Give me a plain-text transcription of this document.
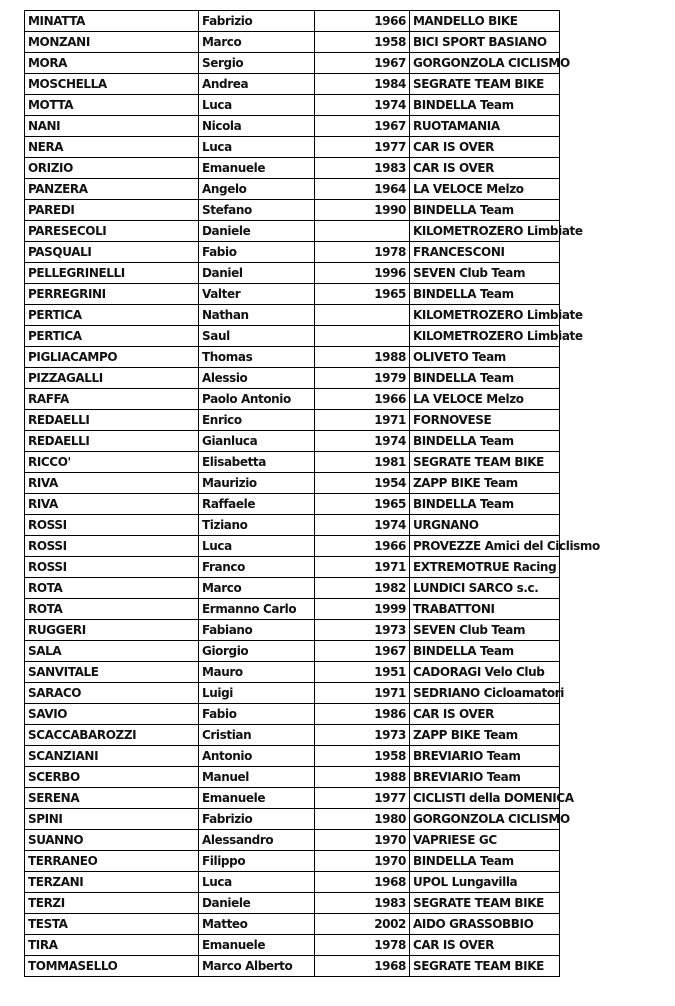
MINATTA	Fabrizio	1966	MANDELLO BIKE
MONZANI	Marco	1958	BICI SPORT BASIANO
MORA	Sergio	1967	GORGONZOLA CICLISMO
MOSCHELLA	Andrea	1984	SEGRATE TEAM BIKE
MOTTA	Luca	1974	BINDELLA Team
NANI	Nicola	1967	RUOTAMANIA
NERA	Luca	1977	CAR IS OVER
ORIZIO	Emanuele	1983	CAR IS OVER
PANZERA	Angelo	1964	LA VELOCE Melzo
PAREDI	Stefano	1990	BINDELLA Team
PARESECOLI	Daniele		KILOMETROZERO Limbiate
PASQUALI	Fabio	1978	FRANCESCONI
PELLEGRINELLI	Daniel	1996	SEVEN Club Team
PERREGRINI	Valter	1965	BINDELLA Team
PERTICA	Nathan		KILOMETROZERO Limbiate
PERTICA	Saul		KILOMETROZERO Limbiate
PIGLIACAMPO	Thomas	1988	OLIVETO Team
PIZZAGALLI	Alessio	1979	BINDELLA Team
RAFFA	Paolo Antonio	1966	LA VELOCE Melzo
REDAELLI	Enrico	1971	FORNOVESE
REDAELLI	Gianluca	1974	BINDELLA Team
RICCO'	Elisabetta	1981	SEGRATE TEAM BIKE
RIVA	Maurizio	1954	ZAPP BIKE Team
RIVA	Raffaele	1965	BINDELLA Team
ROSSI	Tiziano	1974	URGNANO
ROSSI	Luca	1966	PROVEZZE Amici del Ciclismo
ROSSI	Franco	1971	EXTREMOTRUE Racing
ROTA	Marco	1982	LUNDICI SARCO s.c.
ROTA	Ermanno Carlo	1999	TRABATTONI
RUGGERI	Fabiano	1973	SEVEN Club Team
SALA	Giorgio	1967	BINDELLA Team
SANVITALE	Mauro	1951	CADORAGI Velo Club
SARACO	Luigi	1971	SEDRIANO Cicloamatori
SAVIO	Fabio	1986	CAR IS OVER
SCACCABAROZZI	Cristian	1973	ZAPP BIKE Team
SCANZIANI	Antonio	1958	BREVIARIO Team
SCERBO	Manuel	1988	BREVIARIO Team
SERENA	Emanuele	1977	CICLISTI della DOMENICA
SPINI	Fabrizio	1980	GORGONZOLA CICLISMO
SUANNO	Alessandro	1970	VAPRIESE GC
TERRANEO	Filippo	1970	BINDELLA Team
TERZANI	Luca	1968	UPOL Lungavilla
TERZI	Daniele	1983	SEGRATE TEAM BIKE
TESTA	Matteo	2002	AIDO GRASSOBBIO
TIRA	Emanuele	1978	CAR IS OVER
TOMMASELLO	Marco Alberto	1968	SEGRATE TEAM BIKE
